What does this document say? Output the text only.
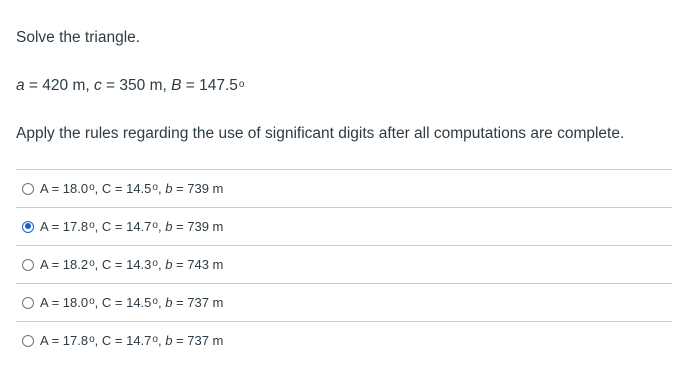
Solve the triangle.
a = 420 m, c = 350 m, B = 147.5o
Apply the rules regarding the use of significant digits after all computations are complete.
$A = 18.0^o$, $C = 14.5^o$, b = 739 m
$A = 17.8^o$, $C = 14.7^o$, b = 739 m
$A = 18.2^o$, $C = 14.3^o$, b = 743 m
$A = 18.0^o$, $C = 14.5^o$, b = 737 m
$A = 17.8^o$, $C = 14.7^o$, b = 737 m
